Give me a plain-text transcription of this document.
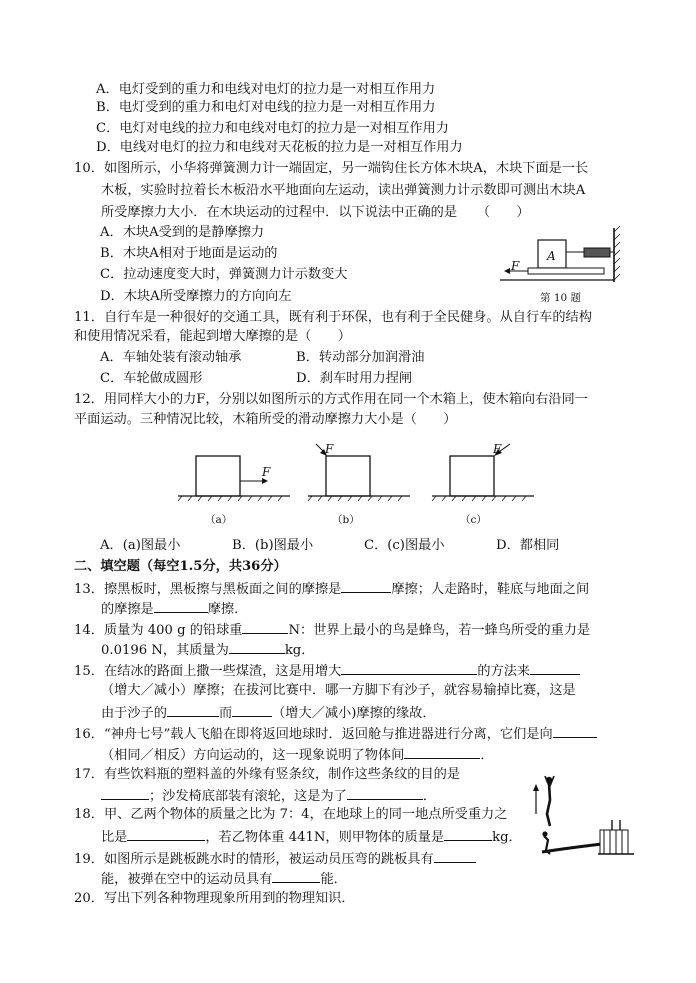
A．电灯受到的重力和电线对电灯的拉力是一对相互作用力
B．电灯受到的重力和电灯对电线的拉力是一对相互作用力
C．电灯对电线的拉力和电线对电灯的拉力是一对相互作用力
D．电线对电灯的拉力和电线对天花板的拉力是一对相互作用力
10．如图所示，小华将弹簧测力计一端固定，另一端钩住长方体木块A，木块下面是一长
木板，实验时拉着长木板沿水平地面向左运动，读出弹簧测力计示数即可测出木块A
所受摩擦力大小．在木块运动的过程中．以下说法中正确的是　　（　　）
A．木块A受到的是静摩擦力
B．木块A相对于地面是运动的
C．拉动速度变大时，弹簧测力计示数变大
D．木块A所受摩擦力的方向向左
A
F
第 10 题
11．自行车是一种很好的交通工具，既有利于环保，也有利于全民健身。从自行车的结构
和使用情况采看，能起到增大摩擦的是（　　）
A．车轴处装有滚动轴承	B．转动部分加润滑油
C．车轮做成圆形	D．刹车时用力捏闸
12．用同样大小的力F，分别以如图所示的方式作用在同一个木箱上，使木箱向右沿同一
平面运动。三种情况比较，木箱所受的滑动摩擦力大小是（　　）
F
（a）
F
（b）
F
（c）
A．(a)图最小	B．(b)图最小	C．(c)图最小	D．都相同
二、填空题（每空1.5分，共36分）
13．擦黑板时，黑板擦与黑板面之间的摩擦是	摩擦；人走路时，鞋底与地面之间
的摩擦是	摩擦．
14．质量为 400 g 的铅球重	N：世界上最小的鸟是蜂鸟，若一蜂鸟所受的重力是
0.0196 N，其质量为	kg．
15．在结冰的路面上撒一些煤渣，这是用增大	的方法来
（增大／减小）摩擦；在拔河比赛中．哪一方脚下有沙子，就容易输掉比赛，这是
由于沙子的	而	（增大／减小)摩擦的缘故．
16．“神舟七号”载人飞船在即将返回地球时．返回舱与推进器进行分离，它们是向
（相同／相反）方向运动的，这一现象说明了物体间	．
17．有些饮料瓶的塑料盖的外缘有竖条纹，制作这些条纹的目的是
；沙发椅底部装有滚轮，这是为了	．
18．甲、乙两个物体的质量之比为 7：4，在地球上的同一地点所受重力之
比是	，若乙物体重 441N，则甲物体的质量是	kg．
19．如图所示是跳板跳水时的情形，被运动员压弯的跳板具有
能，被弹在空中的运动员具有	能．
20．写出下列各种物理现象所用到的物理知识．
